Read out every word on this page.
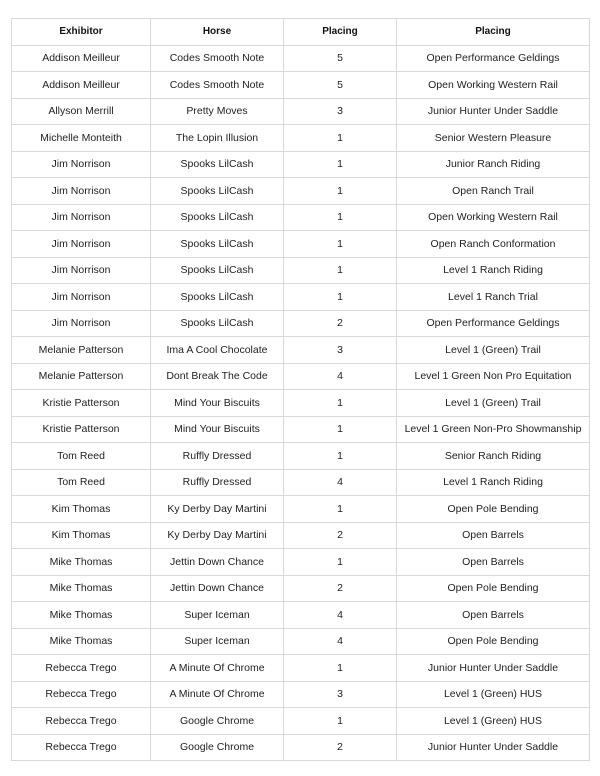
Exhibitor	Horse	Placing	Placing
Addison Meilleur	Codes Smooth Note	5	Open Performance Geldings
Addison Meilleur	Codes Smooth Note	5	Open Working Western Rail
Allyson Merrill	Pretty Moves	3	Junior Hunter Under Saddle
Michelle Monteith	The Lopin Illusion	1	Senior Western Pleasure
Jim Norrison	Spooks LilCash	1	Junior Ranch Riding
Jim Norrison	Spooks LilCash	1	Open Ranch Trail
Jim Norrison	Spooks LilCash	1	Open Working Western Rail
Jim Norrison	Spooks LilCash	1	Open Ranch Conformation
Jim Norrison	Spooks LilCash	1	Level 1 Ranch Riding
Jim Norrison	Spooks LilCash	1	Level 1 Ranch Trial
Jim Norrison	Spooks LilCash	2	Open Performance Geldings
Melanie Patterson	Ima A Cool Chocolate	3	Level 1 (Green) Trail
Melanie Patterson	Dont Break The Code	4	Level 1 Green Non Pro Equitation
Kristie Patterson	Mind Your Biscuits	1	Level 1 (Green) Trail
Kristie Patterson	Mind Your Biscuits	1	Level 1 Green Non-Pro Showmanship
Tom Reed	Ruffly Dressed	1	Senior Ranch Riding
Tom Reed	Ruffly Dressed	4	Level 1 Ranch Riding
Kim Thomas	Ky Derby Day Martini	1	Open Pole Bending
Kim Thomas	Ky Derby Day Martini	2	Open Barrels
Mike Thomas	Jettin Down Chance	1	Open Barrels
Mike Thomas	Jettin Down Chance	2	Open Pole Bending
Mike Thomas	Super Iceman	4	Open Barrels
Mike Thomas	Super Iceman	4	Open Pole Bending
Rebecca Trego	A Minute Of Chrome	1	Junior Hunter Under Saddle
Rebecca Trego	A Minute Of Chrome	3	Level 1 (Green) HUS
Rebecca Trego	Google Chrome	1	Level 1 (Green) HUS
Rebecca Trego	Google Chrome	2	Junior Hunter Under Saddle
